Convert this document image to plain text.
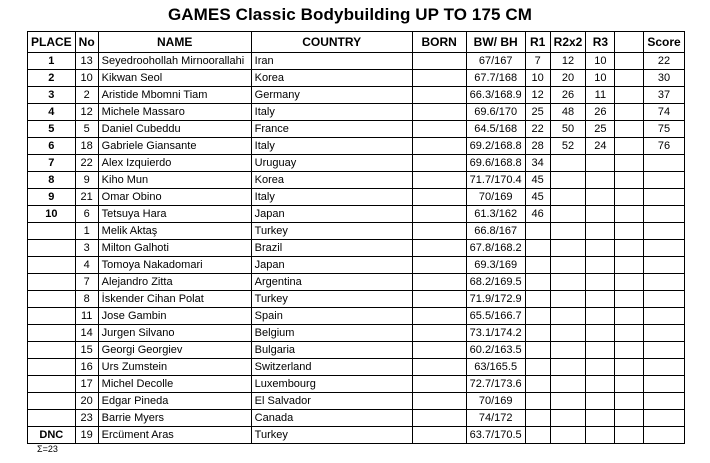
GAMES Classic Bodybuilding UP TO 175 CM
PLACE	No	NAME	COUNTRY	BORN	BW/ BH	R1	R2x2	R3		Score
1	13	Seyedroohollah Mirnoorallahi	Iran		67/167	7	12	10		22
2	10	Kikwan Seol	Korea		67.7/168	10	20	10		30
3	2	Aristide Mbomni Tiam	Germany		66.3/168.9	12	26	11		37
4	12	Michele Massaro	Italy		69.6/170	25	48	26		74
5	5	Daniel Cubeddu	France		64.5/168	22	50	25		75
6	18	Gabriele Giansante	Italy		69.2/168.8	28	52	24		76
7	22	Alex Izquierdo	Uruguay		69.6/168.8	34				
8	9	Kiho Mun	Korea		71.7/170.4	45				
9	21	Omar Obino	Italy		70/169	45				
10	6	Tetsuya Hara	Japan		61.3/162	46				
	1	Melik Aktaş	Turkey		66.8/167					
	3	Milton Galhoti	Brazil		67.8/168.2					
	4	Tomoya Nakadomari	Japan		69.3/169					
	7	Alejandro Zitta	Argentina		68.2/169.5					
	8	İskender Cihan Polat	Turkey		71.9/172.9					
	11	Jose Gambin	Spain		65.5/166.7					
	14	Jurgen Silvano	Belgium		73.1/174.2					
	15	Georgi Georgiev	Bulgaria		60.2/163.5					
	16	Urs Zumstein	Switzerland		63/165.5					
	17	Michel Decolle	Luxembourg		72.7/173.6					
	20	Edgar Pineda	El Salvador		70/169					
	23	Barrie Myers	Canada		74/172					
DNC	19	Ercüment Aras	Turkey		63.7/170.5					
Σ=23
